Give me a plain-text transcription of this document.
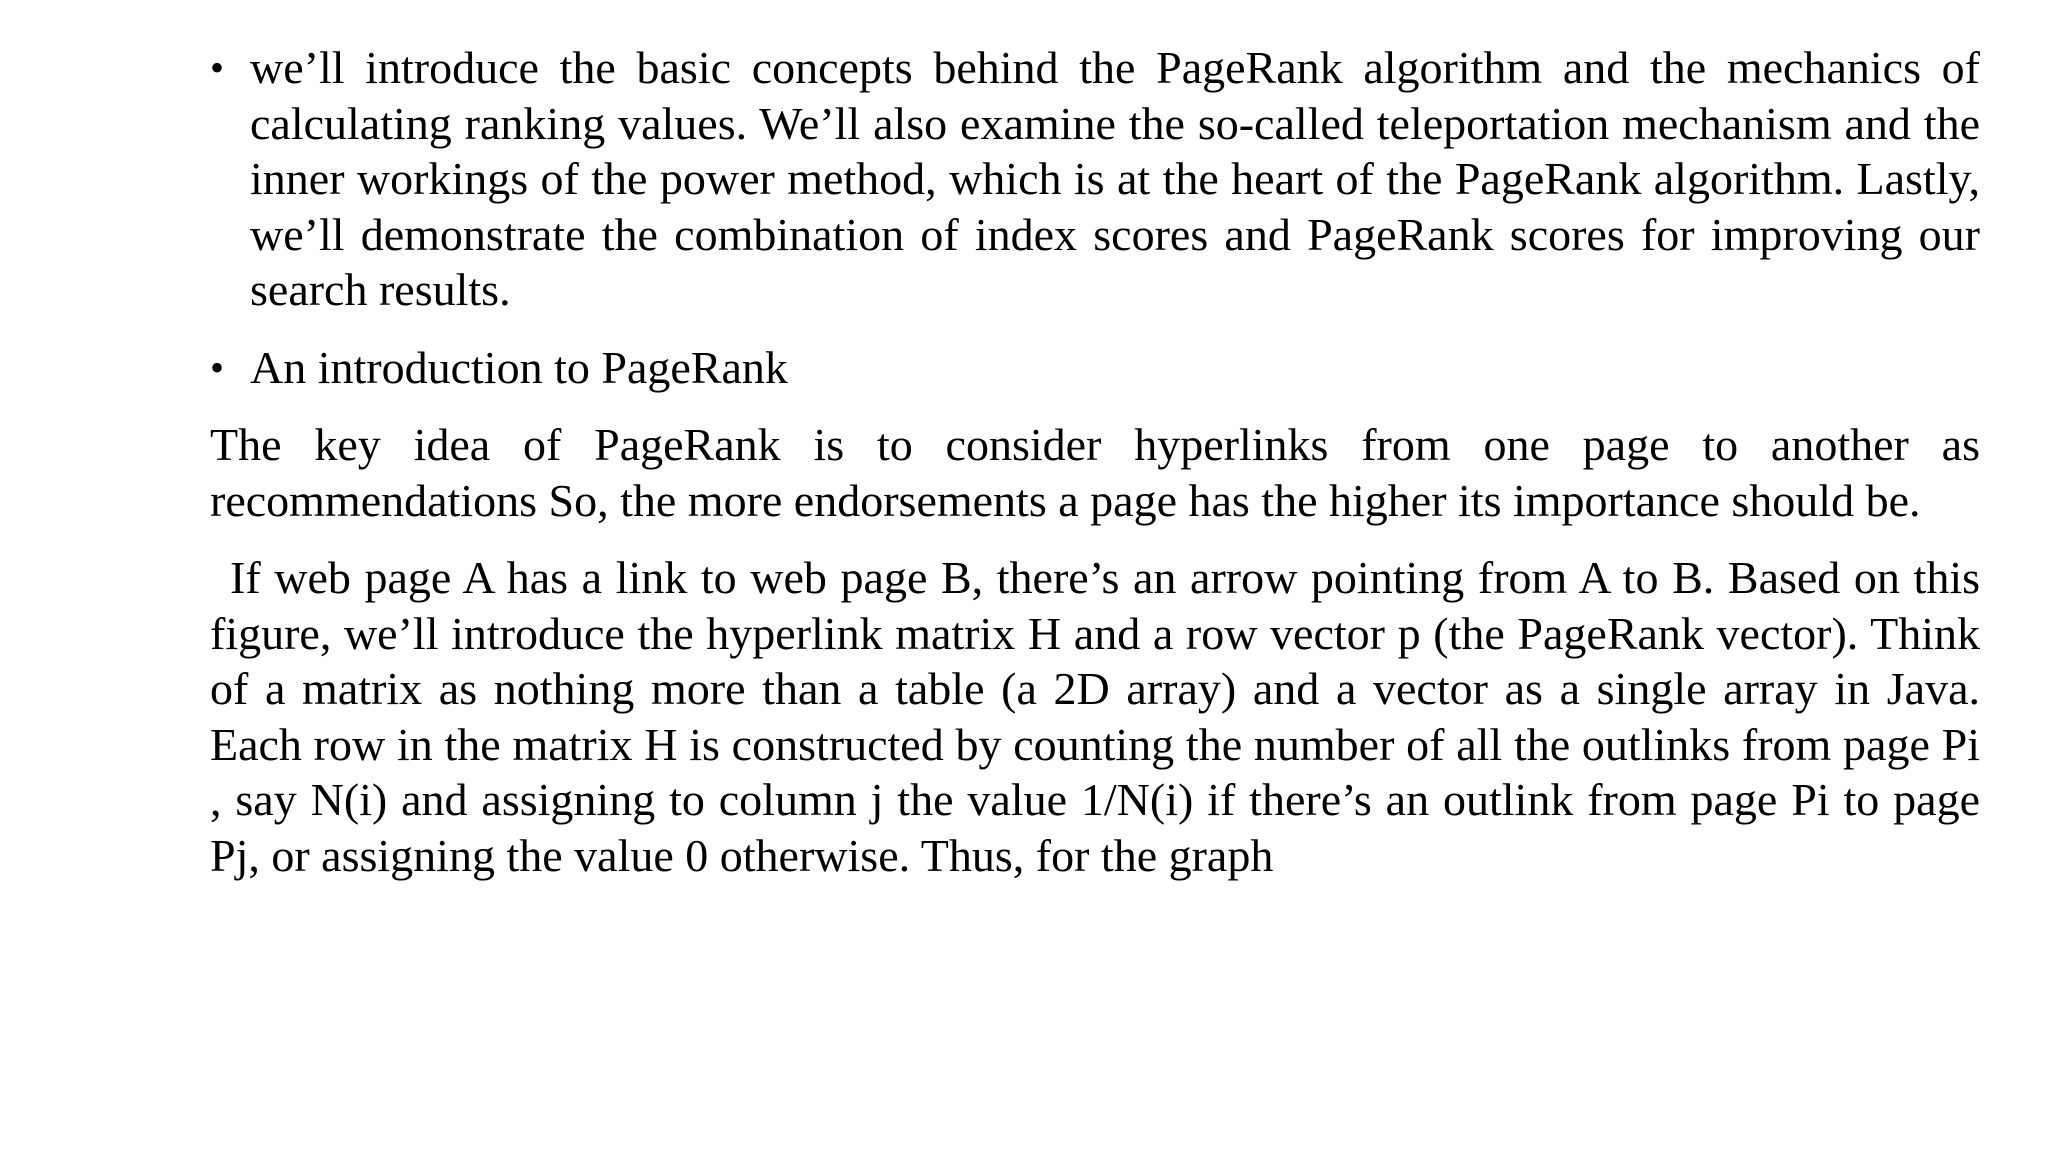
• we’ll introduce the basic concepts behind the PageRank algorithm and the mechanics of calculating ranking values. We’ll also examine the so-called teleportation mechanism and the inner workings of the power method, which is at the heart of the PageRank algorithm. Lastly, we’ll demonstrate the combination of index scores and PageRank scores for improving our search results.
• An introduction to PageRank

The key idea of PageRank is to consider hyperlinks from one page to another as recommendations So, the more endorsements a page has the higher its importance should be.

If web page A has a link to web page B, there’s an arrow pointing from A to B. Based on this figure, we’ll introduce the hyperlink matrix H and a row vector p (the PageRank vector). Think of a matrix as nothing more than a table (a 2D array) and a vector as a single array in Java. Each row in the matrix H is constructed by counting the number of all the outlinks from page Pi , say N(i) and assigning to column j the value 1/N(i) if there’s an outlink from page Pi to page Pj, or assigning the value 0 otherwise. Thus, for the graph
